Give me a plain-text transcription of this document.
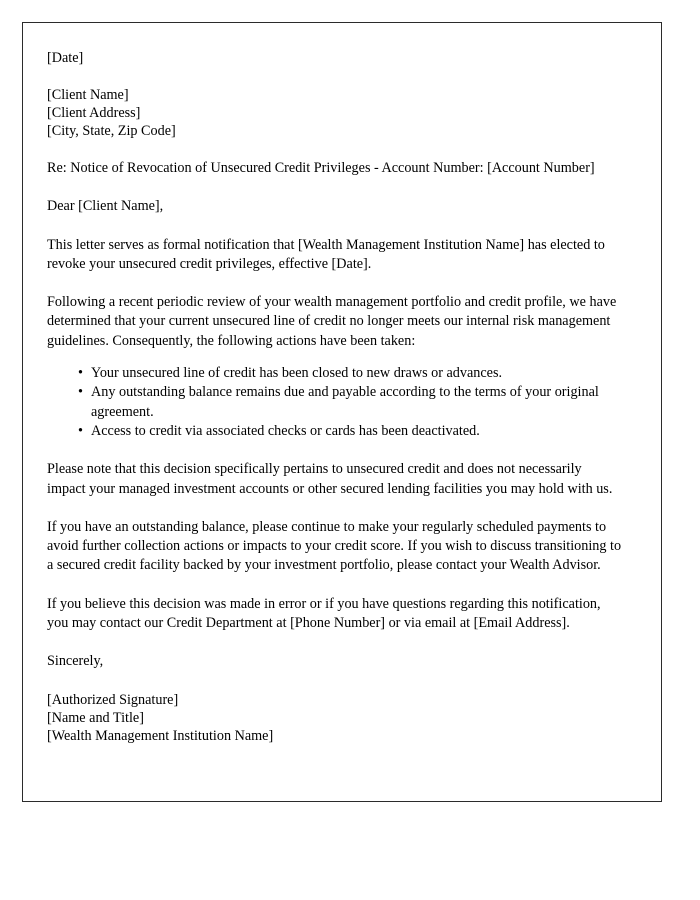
[Date]
[Client Name]
[Client Address]
[City, State, Zip Code]

Re: Notice of Revocation of Unsecured Credit Privileges - Account Number: [Account Number]

Dear [Client Name],

This letter serves as formal notification that [Wealth Management Institution Name] has elected to revoke your unsecured credit privileges, effective [Date].

Following a recent periodic review of your wealth management portfolio and credit profile, we have determined that your current unsecured line of credit no longer meets our internal risk management guidelines. Consequently, the following actions have been taken:

• Your unsecured line of credit has been closed to new draws or advances.
• Any outstanding balance remains due and payable according to the terms of your original agreement.
• Access to credit via associated checks or cards has been deactivated.

Please note that this decision specifically pertains to unsecured credit and does not necessarily impact your managed investment accounts or other secured lending facilities you may hold with us.

If you have an outstanding balance, please continue to make your regularly scheduled payments to avoid further collection actions or impacts to your credit score. If you wish to discuss transitioning to a secured credit facility backed by your investment portfolio, please contact your Wealth Advisor.

If you believe this decision was made in error or if you have questions regarding this notification, you may contact our Credit Department at [Phone Number] or via email at [Email Address].

Sincerely,

[Authorized Signature]
[Name and Title]
[Wealth Management Institution Name]
